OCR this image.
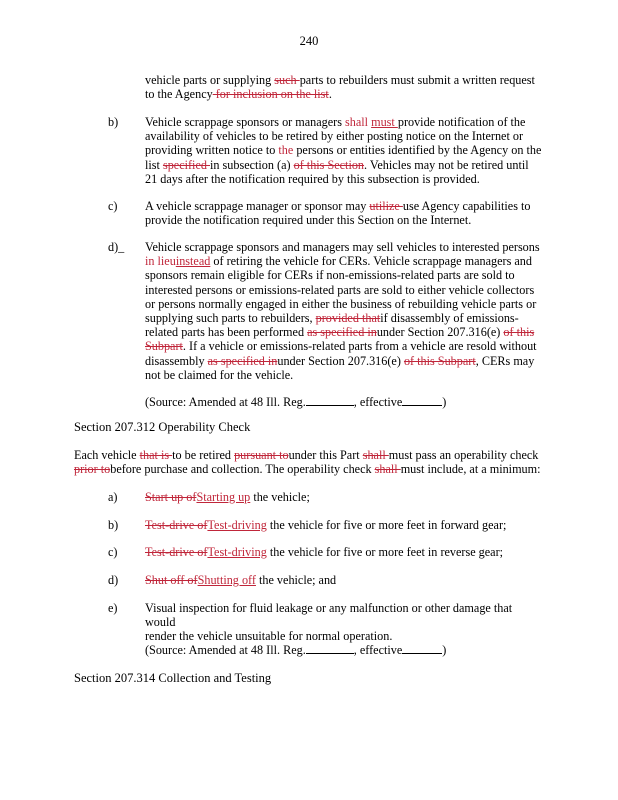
240
vehicle parts or supplying such parts to rebuilders must submit a written request
to the Agency for inclusion on the list.
b) Vehicle scrappage sponsors or managers shall must provide notification of the
availability of vehicles to be retired by either posting notice on the Internet or
providing written notice to the persons or entities identified by the Agency on the
list specified in subsection (a) of this Section. Vehicles may not be retired until
21 days after the notification required by this subsection is provided.
c) A vehicle scrappage manager or sponsor may utilize use Agency capabilities to
provide the notification required under this Section on the Internet.
d)_ Vehicle scrappage sponsors and managers may sell vehicles to interested persons
in lieuinstead of retiring the vehicle for CERs. Vehicle scrappage managers and
sponsors remain eligible for CERs if non-emissions-related parts are sold to
interested persons or emissions-related parts are sold to either vehicle collectors
or persons normally engaged in either the business of rebuilding vehicle parts or
supplying such parts to rebuilders, provided thatif disassembly of emissions-
related parts has been performed as specified inunder Section 207.316(e) of this
Subpart. If a vehicle or emissions-related parts from a vehicle are resold without
disassembly as specified inunder Section 207.316(e) of this Subpart, CERs may
not be claimed for the vehicle.
(Source: Amended at 48 Ill. Reg.	, effective	)
Section 207.312 Operability Check
Each vehicle that is to be retired pursuant tounder this Part shall must pass an operability check
prior tobefore purchase and collection. The operability check shall must include, at a minimum:
a) Start up ofStarting up the vehicle;
b) Test-drive ofTest-driving the vehicle for five or more feet in forward gear;
c) Test-drive ofTest-driving the vehicle for five or more feet in reverse gear;
d) Shut off ofShutting off the vehicle; and
e) Visual inspection for fluid leakage or any malfunction or other damage that would
render the vehicle unsuitable for normal operation.
(Source: Amended at 48 Ill. Reg.	, effective	)
Section 207.314 Collection and Testing
